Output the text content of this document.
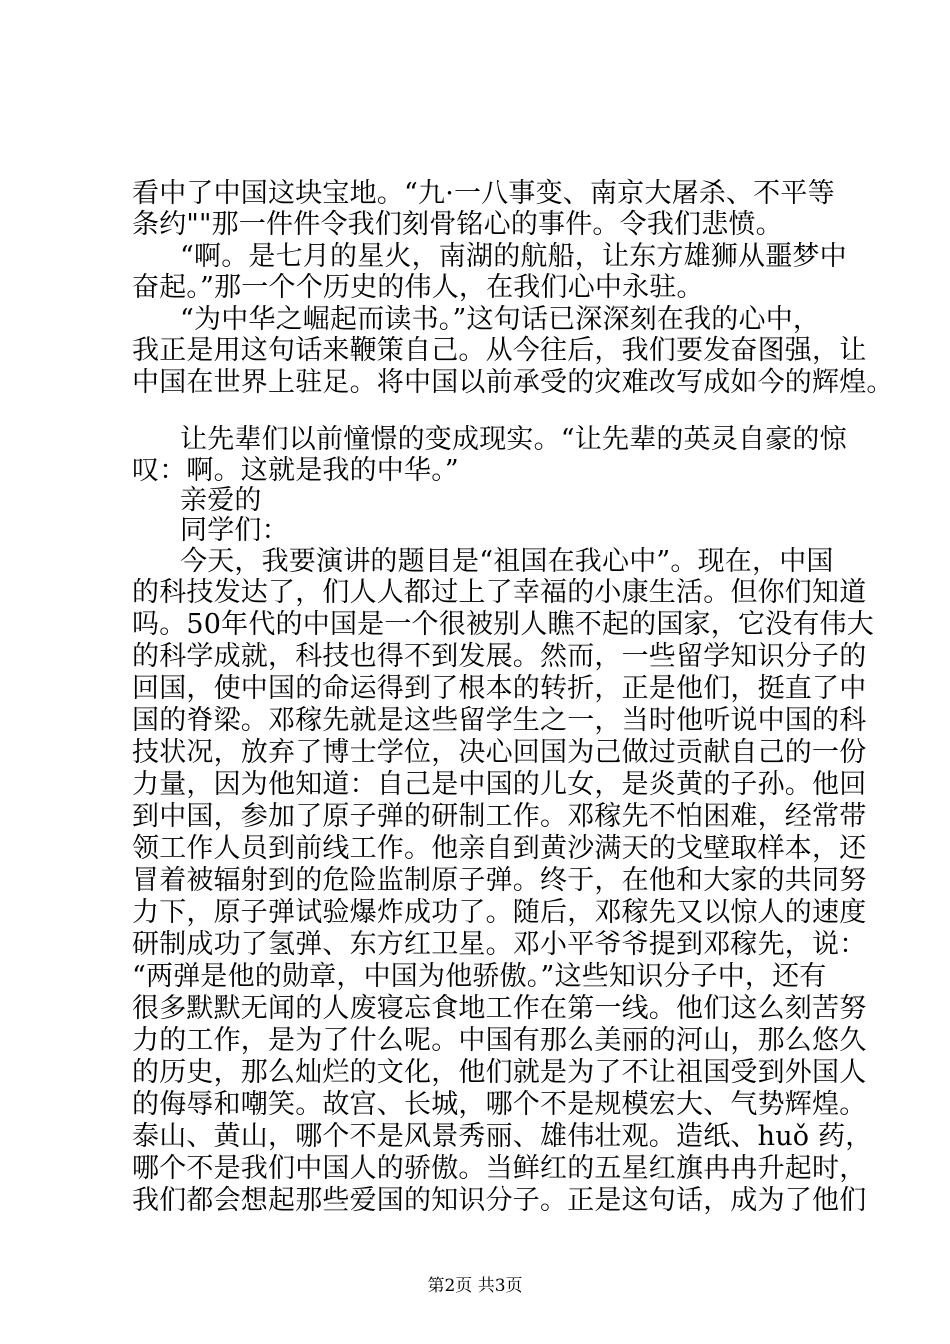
看中了中国这块宝地。“九·一八事变、南京大屠杀、不平等
条约""那一件件令我们刻骨铭心的事件。令我们悲愤。
“啊。是七月的星火，南湖的航船，让东方雄狮从噩梦中
奋起。”那一个个历史的伟人，在我们心中永驻。
“为中华之崛起而读书。”这句话已深深刻在我的心中，
我正是用这句话来鞭策自己。从今往后，我们要发奋图强，让
中国在世界上驻足。将中国以前承受的灾难改写成如今的辉煌。
让先辈们以前憧憬的变成现实。“让先辈的英灵自豪的惊
叹：啊。这就是我的中华。”
亲爱的
同学们：
今天，我要演讲的题目是“祖国在我心中”。现在，中国
的科技发达了，们人人都过上了幸福的小康生活。但你们知道
吗。50年代的中国是一个很被别人瞧不起的国家，它没有伟大
的科学成就，科技也得不到发展。然而，一些留学知识分子的
回国，使中国的命运得到了根本的转折，正是他们，挺直了中
国的脊梁。邓稼先就是这些留学生之一，当时他听说中国的科
技状况，放弃了博士学位，决心回国为己做过贡献自己的一份
力量，因为他知道：自己是中国的儿女，是炎黄的子孙。他回
到中国，参加了原子弹的研制工作。邓稼先不怕困难，经常带
领工作人员到前线工作。他亲自到黄沙满天的戈壁取样本，还
冒着被辐射到的危险监制原子弹。终于，在他和大家的共同努
力下，原子弹试验爆炸成功了。随后，邓稼先又以惊人的速度
研制成功了氢弹、东方红卫星。邓小平爷爷提到邓稼先，说：
“两弹是他的勋章，中国为他骄傲。”这些知识分子中，还有
很多默默无闻的人废寝忘食地工作在第一线。他们这么刻苦努
力的工作，是为了什么呢。中国有那么美丽的河山，那么悠久
的历史，那么灿烂的文化，他们就是为了不让祖国受到外国人
的侮辱和嘲笑。故宫、长城，哪个不是规模宏大、气势辉煌。
泰山、黄山，哪个不是风景秀丽、雄伟壮观。造纸、huǒ 药，
哪个不是我们中国人的骄傲。当鲜红的五星红旗冉冉升起时，
我们都会想起那些爱国的知识分子。正是这句话，成为了他们
第2页 共3页
